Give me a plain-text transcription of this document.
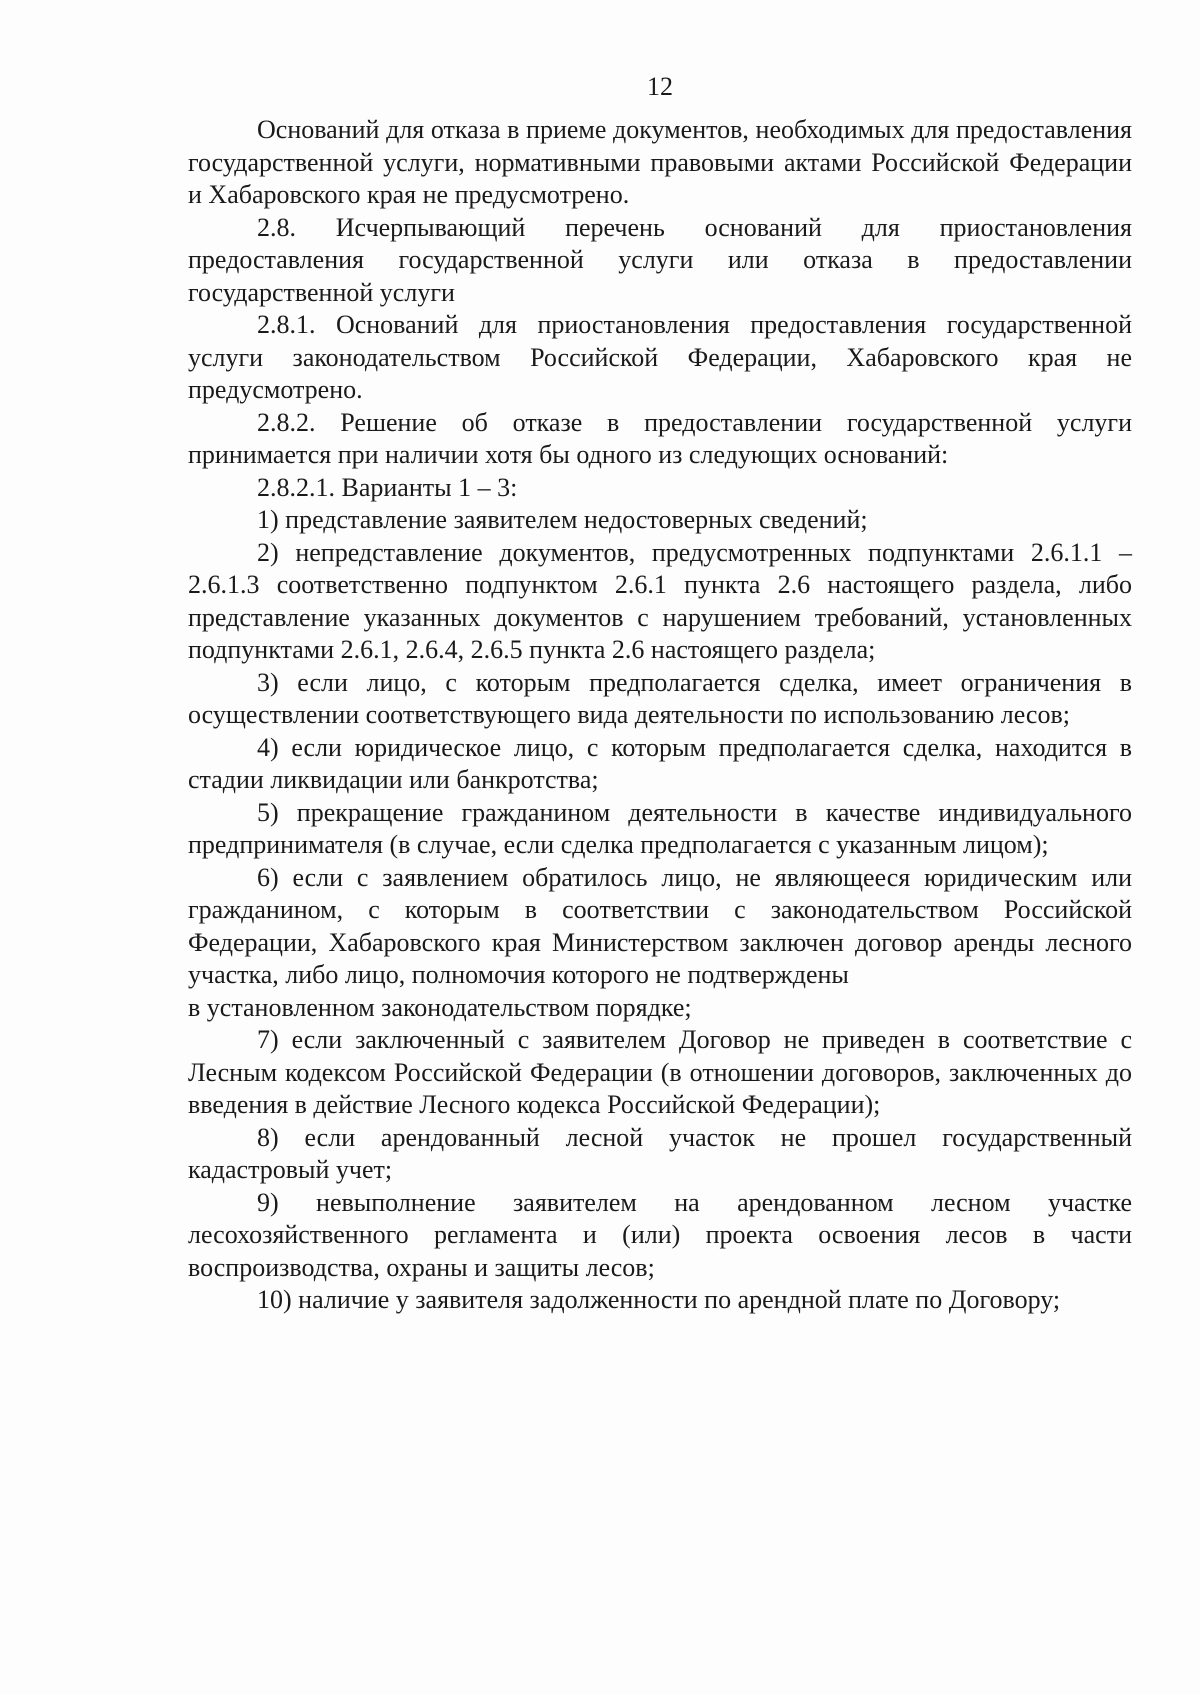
12

Оснований для отказа в приеме документов, необходимых для предоставления государственной услуги, нормативными правовыми актами Российской Федерации и Хабаровского края не предусмотрено.

2.8. Исчерпывающий перечень оснований для приостановления предоставления государственной услуги или отказа в предоставлении государственной услуги

2.8.1. Оснований для приостановления предоставления государственной услуги законодательством Российской Федерации, Хабаровского края не предусмотрено.

2.8.2. Решение об отказе в предоставлении государственной услуги принимается при наличии хотя бы одного из следующих оснований:

2.8.2.1. Варианты 1 – 3:

1) представление заявителем недостоверных сведений;

2) непредставление документов, предусмотренных подпунктами 2.6.1.1 – 2.6.1.3 соответственно подпунктом 2.6.1 пункта 2.6 настоящего раздела, либо представление указанных документов с нарушением требований, установленных подпунктами 2.6.1, 2.6.4, 2.6.5 пункта 2.6 настоящего раздела;

3) если лицо, с которым предполагается сделка, имеет ограничения в осуществлении соответствующего вида деятельности по использованию лесов;

4) если юридическое лицо, с которым предполагается сделка, находится в стадии ликвидации или банкротства;

5) прекращение гражданином деятельности в качестве индивидуального предпринимателя (в случае, если сделка предполагается с указанным лицом);

6) если с заявлением обратилось лицо, не являющееся юридическим или гражданином, с которым в соответствии с законодательством Российской Федерации, Хабаровского края Министерством заключен договор аренды лесного участка, либо лицо, полномочия которого не подтверждены

в установленном законодательством порядке;

7) если заключенный с заявителем Договор не приведен в соответствие с Лесным кодексом Российской Федерации (в отношении договоров, заключенных до введения в действие Лесного кодекса Российской Федерации);

8) если арендованный лесной участок не прошел государственный кадастровый учет;

9) невыполнение заявителем на арендованном лесном участке лесохозяйственного регламента и (или) проекта освоения лесов в части воспроизводства, охраны и защиты лесов;

10) наличие у заявителя задолженности по арендной плате по Договору;
